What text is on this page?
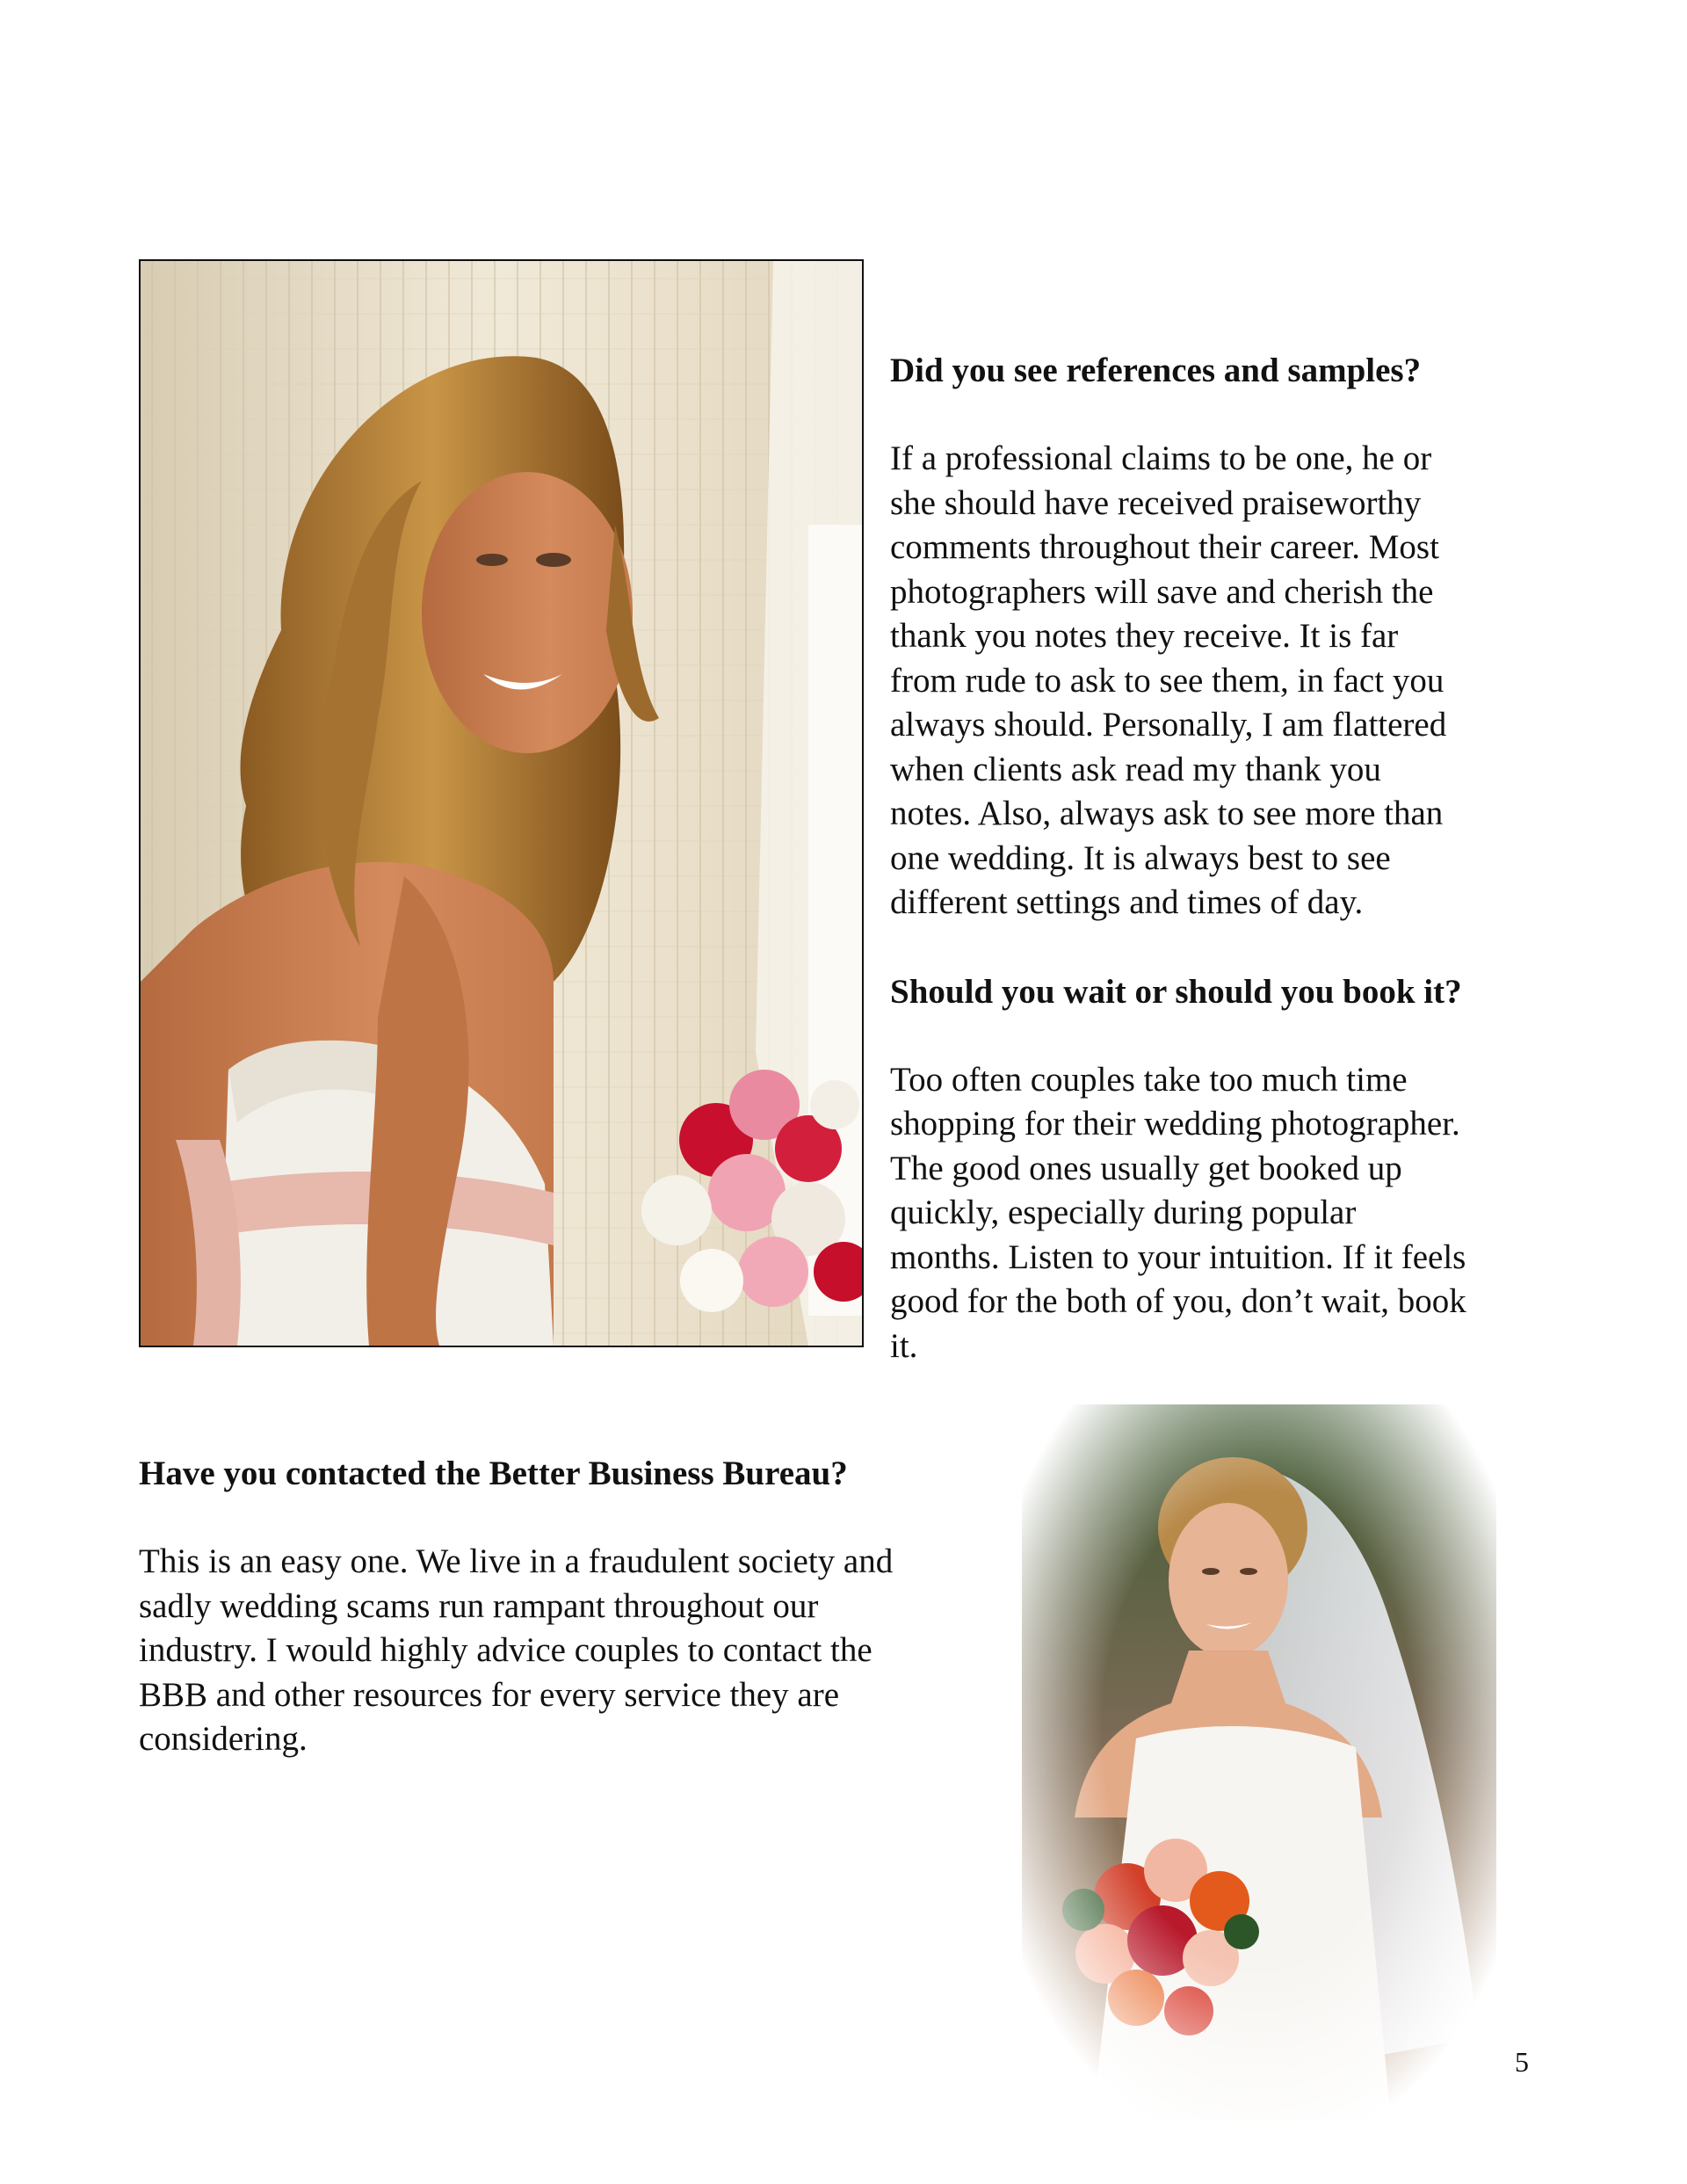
Did you see references and samples?

If a professional claims to be one, he or

she should have received praiseworthy

comments throughout their career. Most

photographers will save and cherish the

thank you notes they receive. It is far

from rude to ask to see them, in fact you

always should. Personally, I am flattered

when clients ask read my thank you

notes. Also, always ask to see more than

one wedding. It is always best to see

different settings and times of day.

Should you wait or should you book it?

Too often couples take too much time

shopping for their wedding photographer.

The good ones usually get booked up

quickly, especially during popular

months. Listen to your intuition. If it feels

good for the both of you, don’t wait, book

it.

Have you contacted the Better Business Bureau?

This is an easy one. We live in a fraudulent society and

sadly wedding scams run rampant throughout our

industry. I would highly advice couples to contact the

BBB and other resources for every service they are

considering.

5
